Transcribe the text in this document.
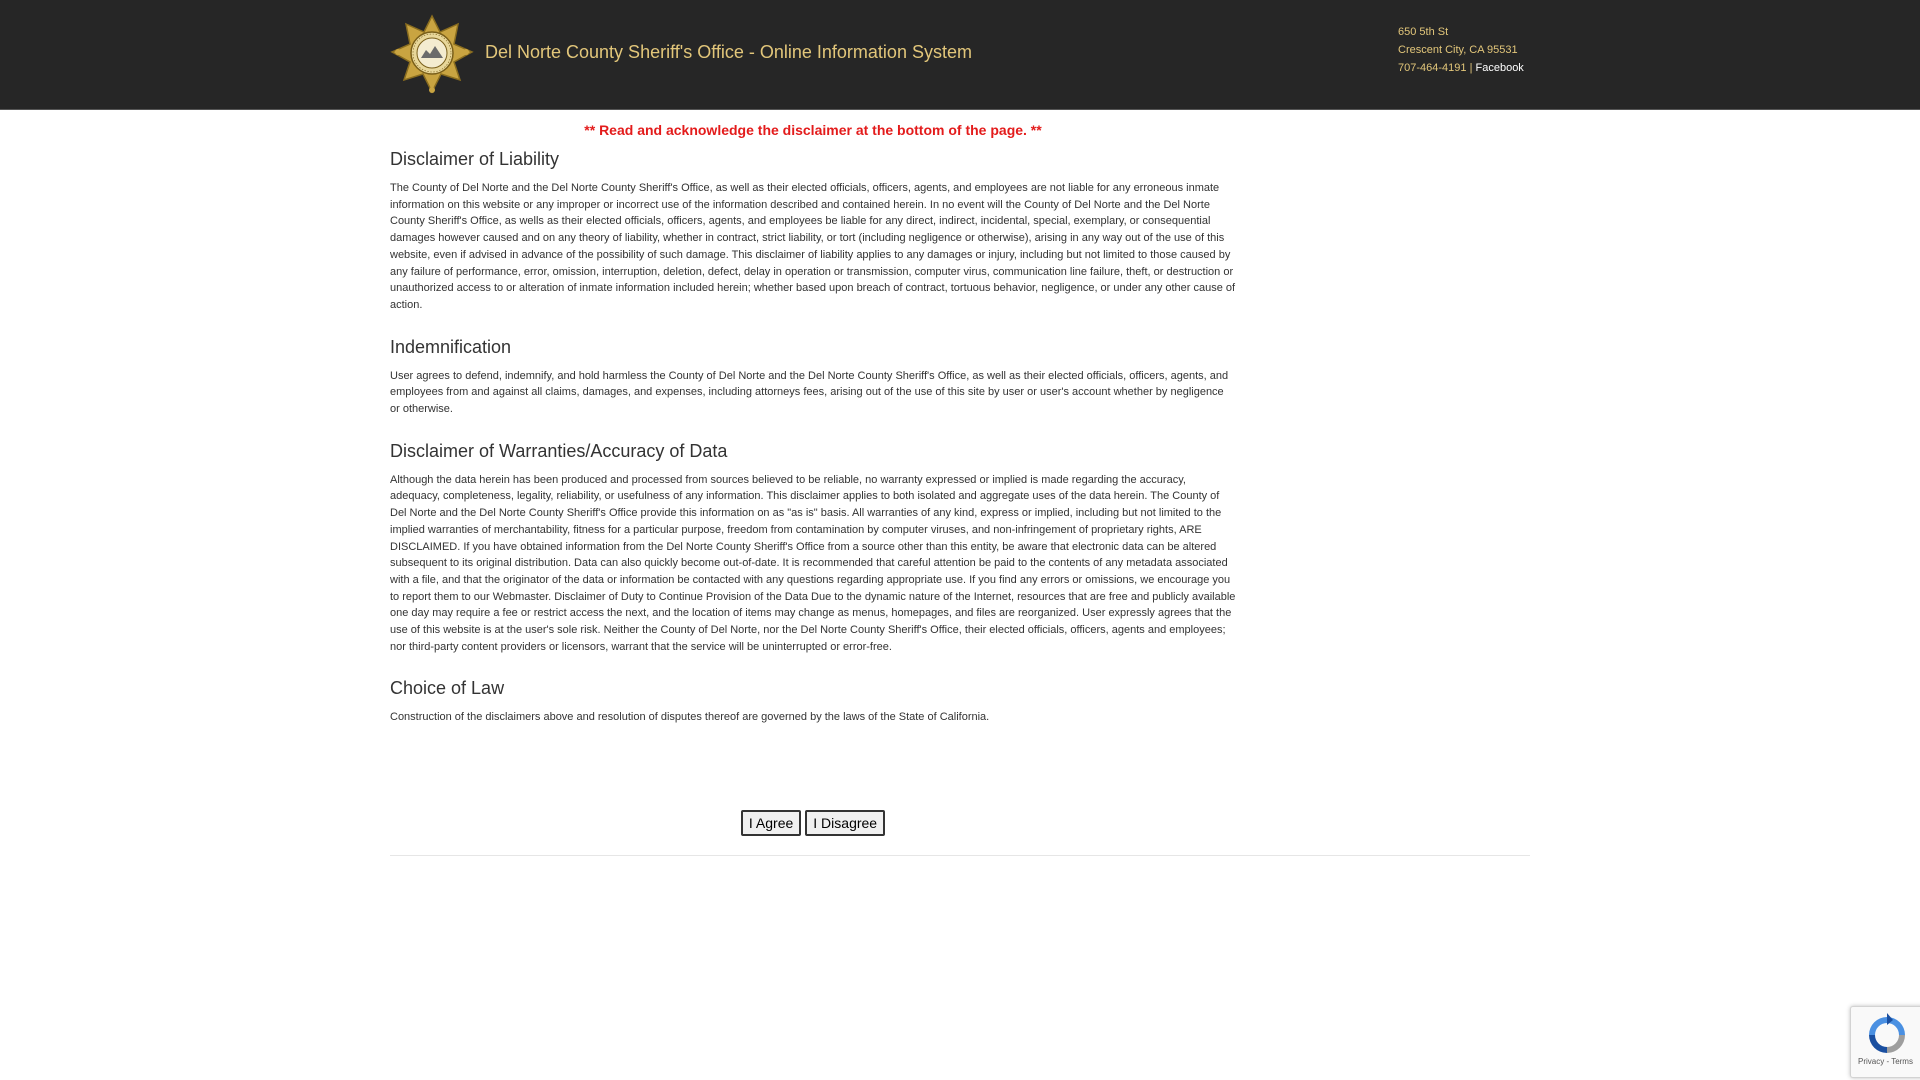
Del Norte County Sheriff's Office - Online Information System
650 5th St
Crescent City, CA 95531
707-464-4191 | Facebook
** Read and acknowledge the disclaimer at the bottom of the page. **
Disclaimer of Liability

The County of Del Norte and the Del Norte County Sheriff's Office, as well as their elected officials, officers, agents, and employees are not liable for any erroneous inmate information on this website or any improper or incorrect use of the information described and contained herein. In no event will the County of Del Norte and the Del Norte County Sheriff's Office, as wells as their elected officials, officers, agents, and employees be liable for any direct, indirect, incidental, special, exemplary, or consequential damages however caused and on any theory of liability, whether in contract, strict liability, or tort (including negligence or otherwise), arising in any way out of the use of this website, even if advised in advance of the possibility of such damage. This disclaimer of liability applies to any damages or injury, including but not limited to those caused by any failure of performance, error, omission, interruption, deletion, defect, delay in operation or transmission, computer virus, communication line failure, theft, or destruction or unauthorized access to or alteration of inmate information included herein; whether based upon breach of contract, tortuous behavior, negligence, or under any other cause of action.

Indemnification

User agrees to defend, indemnify, and hold harmless the County of Del Norte and the Del Norte County Sheriff's Office, as well as their elected officials, officers, agents, and employees from and against all claims, damages, and expenses, including attorneys fees, arising out of the use of this site by user or user's account whether by negligence or otherwise.

Disclaimer of Warranties/Accuracy of Data

Although the data herein has been produced and processed from sources believed to be reliable, no warranty expressed or implied is made regarding the accuracy, adequacy, completeness, legality, reliability, or usefulness of any information. This disclaimer applies to both isolated and aggregate uses of the data herein. The County of Del Norte and the Del Norte County Sheriff's Office provide this information on as "as is" basis. All warranties of any kind, express or implied, including but not limited to the implied warranties of merchantability, fitness for a particular purpose, freedom from contamination by computer viruses, and non-infringement of proprietary rights, ARE DISCLAIMED. If you have obtained information from the Del Norte County Sheriff's Office from a source other than this entity, be aware that electronic data can be altered subsequent to its original distribution. Data can also quickly become out-of-date. It is recommended that careful attention be paid to the contents of any metadata associated with a file, and that the originator of the data or information be contacted with any questions regarding appropriate use. If you find any errors or omissions, we encourage you to report them to our Webmaster. Disclaimer of Duty to Continue Provision of the Data Due to the dynamic nature of the Internet, resources that are free and publicly available one day may require a fee or restrict access the next, and the location of items may change as menus, homepages, and files are reorganized. User expressly agrees that the use of this website is at the user's sole risk. Neither the County of Del Norte, nor the Del Norte County Sheriff's Office, their elected officials, officers, agents and employees; nor third-party content providers or licensors, warrant that the service will be uninterrupted or error-free.

Choice of Law

Construction of the disclaimers above and resolution of disputes thereof are governed by the laws of the State of California.

I Agree I Disagree
Privacy - Terms
